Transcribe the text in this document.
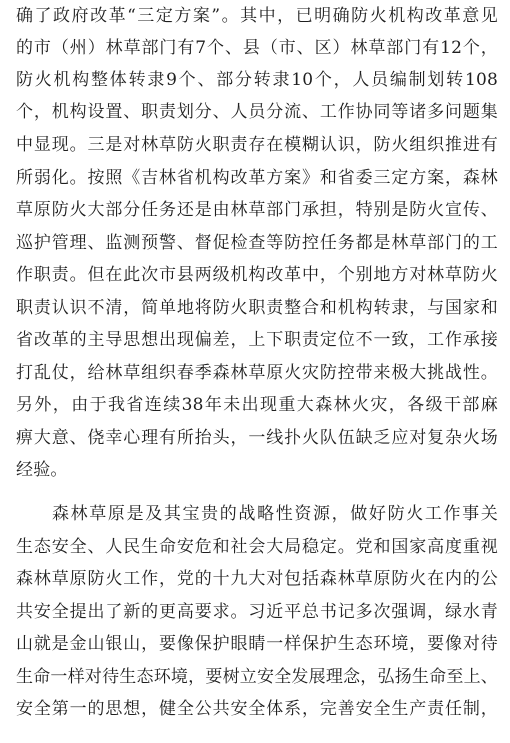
确了政府改革“三定方案”。其中，已明确防火机构改革意见
的市（州）林草部门有7个、县（市、区）林草部门有12个，
防火机构整体转隶9个、部分转隶10个，人员编制划转108
个，机构设置、职责划分、人员分流、工作协同等诸多问题集
中显现。三是对林草防火职责存在模糊认识，防火组织推进有
所弱化。按照《吉林省机构改革方案》和省委三定方案，森林
草原防火大部分任务还是由林草部门承担，特别是防火宣传、
巡护管理、监测预警、督促检查等防控任务都是林草部门的工
作职责。但在此次市县两级机构改革中，个别地方对林草防火
职责认识不清，简单地将防火职责整合和机构转隶，与国家和
省改革的主导思想出现偏差，上下职责定位不一致，工作承接
打乱仗，给林草组织春季森林草原火灾防控带来极大挑战性。
另外，由于我省连续38年未出现重大森林火灾，各级干部麻
痹大意、侥幸心理有所抬头，一线扑火队伍缺乏应对复杂火场
经验。
森林草原是及其宝贵的战略性资源，做好防火工作事关
生态安全、人民生命安危和社会大局稳定。党和国家高度重视
森林草原防火工作，党的十九大对包括森林草原防火在内的公
共安全提出了新的更高要求。习近平总书记多次强调，绿水青
山就是金山银山，要像保护眼睛一样保护生态环境，要像对待
生命一样对待生态环境，要树立安全发展理念，弘扬生命至上、
安全第一的思想，健全公共安全体系，完善安全生产责任制，
